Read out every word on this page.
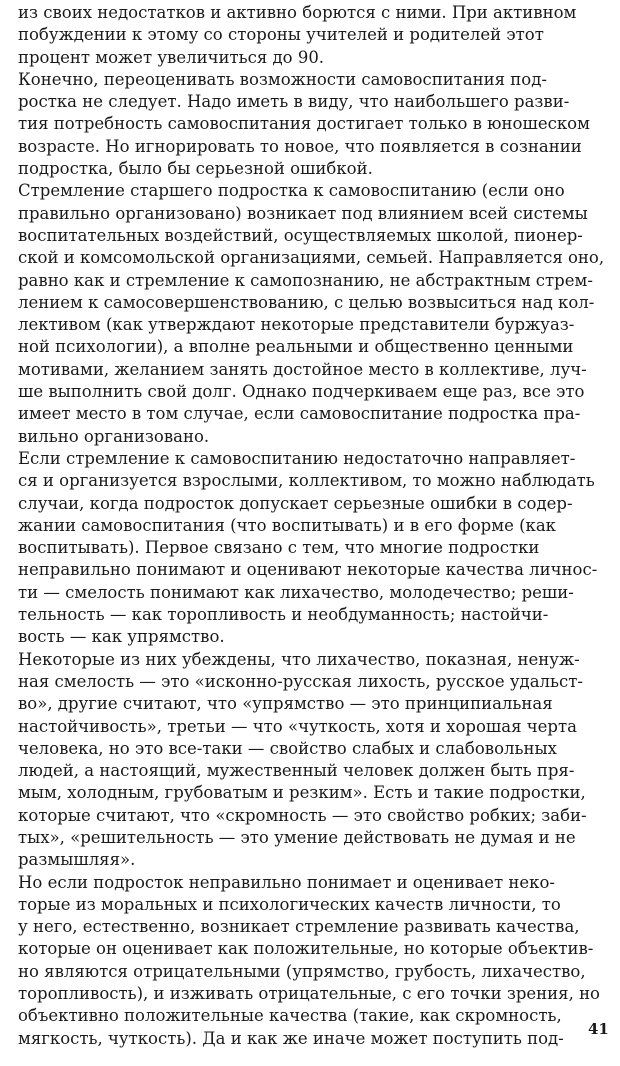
из своих недостатков и активно борются с ними. При активном
побуждении к этому со стороны учителей и родителей этот
процент может увеличиться до 90.
Конечно, переоценивать возможности самовоспитания под-
ростка не следует. Надо иметь в виду, что наибольшего разви-
тия потребность самовоспитания достигает только в юношеском
возрасте. Но игнорировать то новое, что появляется в сознании
подростка, было бы серьезной ошибкой.
Стремление старшего подростка к самовоспитанию (если оно
правильно организовано) возникает под влиянием всей системы
воспитательных воздействий, осуществляемых школой, пионер-
ской и комсомольской организациями, семьей. Направляется оно,
равно как и стремление к самопознанию, не абстрактным стрем-
лением к самосовершенствованию, с целью возвыситься над кол-
лективом (как утверждают некоторые представители буржуаз-
ной психологии), а вполне реальными и общественно ценными
мотивами, желанием занять достойное место в коллективе, луч-
ше выполнить свой долг. Однако подчеркиваем еще раз, все это
имеет место в том случае, если самовоспитание подростка пра-
вильно организовано.
Если стремление к самовоспитанию недостаточно направляет-
ся и организуется взрослыми, коллективом, то можно наблюдать
случаи, когда подросток допускает серьезные ошибки в содер-
жании самовоспитания (что воспитывать) и в его форме (как
воспитывать). Первое связано с тем, что многие подростки
неправильно понимают и оценивают некоторые качества личнос-
ти — смелость понимают как лихачество, молодечество; реши-
тельность — как торопливость и необдуманность; настойчи-
вость — как упрямство.
Некоторые из них убеждены, что лихачество, показная, ненуж-
ная смелость — это «исконно-русская лихость, русское удальст-
во», другие считают, что «упрямство — это принципиальная
настойчивость», третьи — что «чуткость, хотя и хорошая черта
человека, но это все-таки — свойство слабых и слабовольных
людей, а настоящий, мужественный человек должен быть пря-
мым, холодным, грубоватым и резким». Есть и такие подростки,
которые считают, что «скромность — это свойство робких; заби-
тых», «решительность — это умение действовать не думая и не
размышляя».
Но если подросток неправильно понимает и оценивает неко-
торые из моральных и психологических качеств личности, то
у него, естественно, возникает стремление развивать качества,
которые он оценивает как положительные, но которые объектив-
но являются отрицательными (упрямство, грубость, лихачество,
торопливость), и изживать отрицательные, с его точки зрения, но
объективно положительные качества (такие, как скромность,
мягкость, чуткость). Да и как же иначе может поступить под-	41
